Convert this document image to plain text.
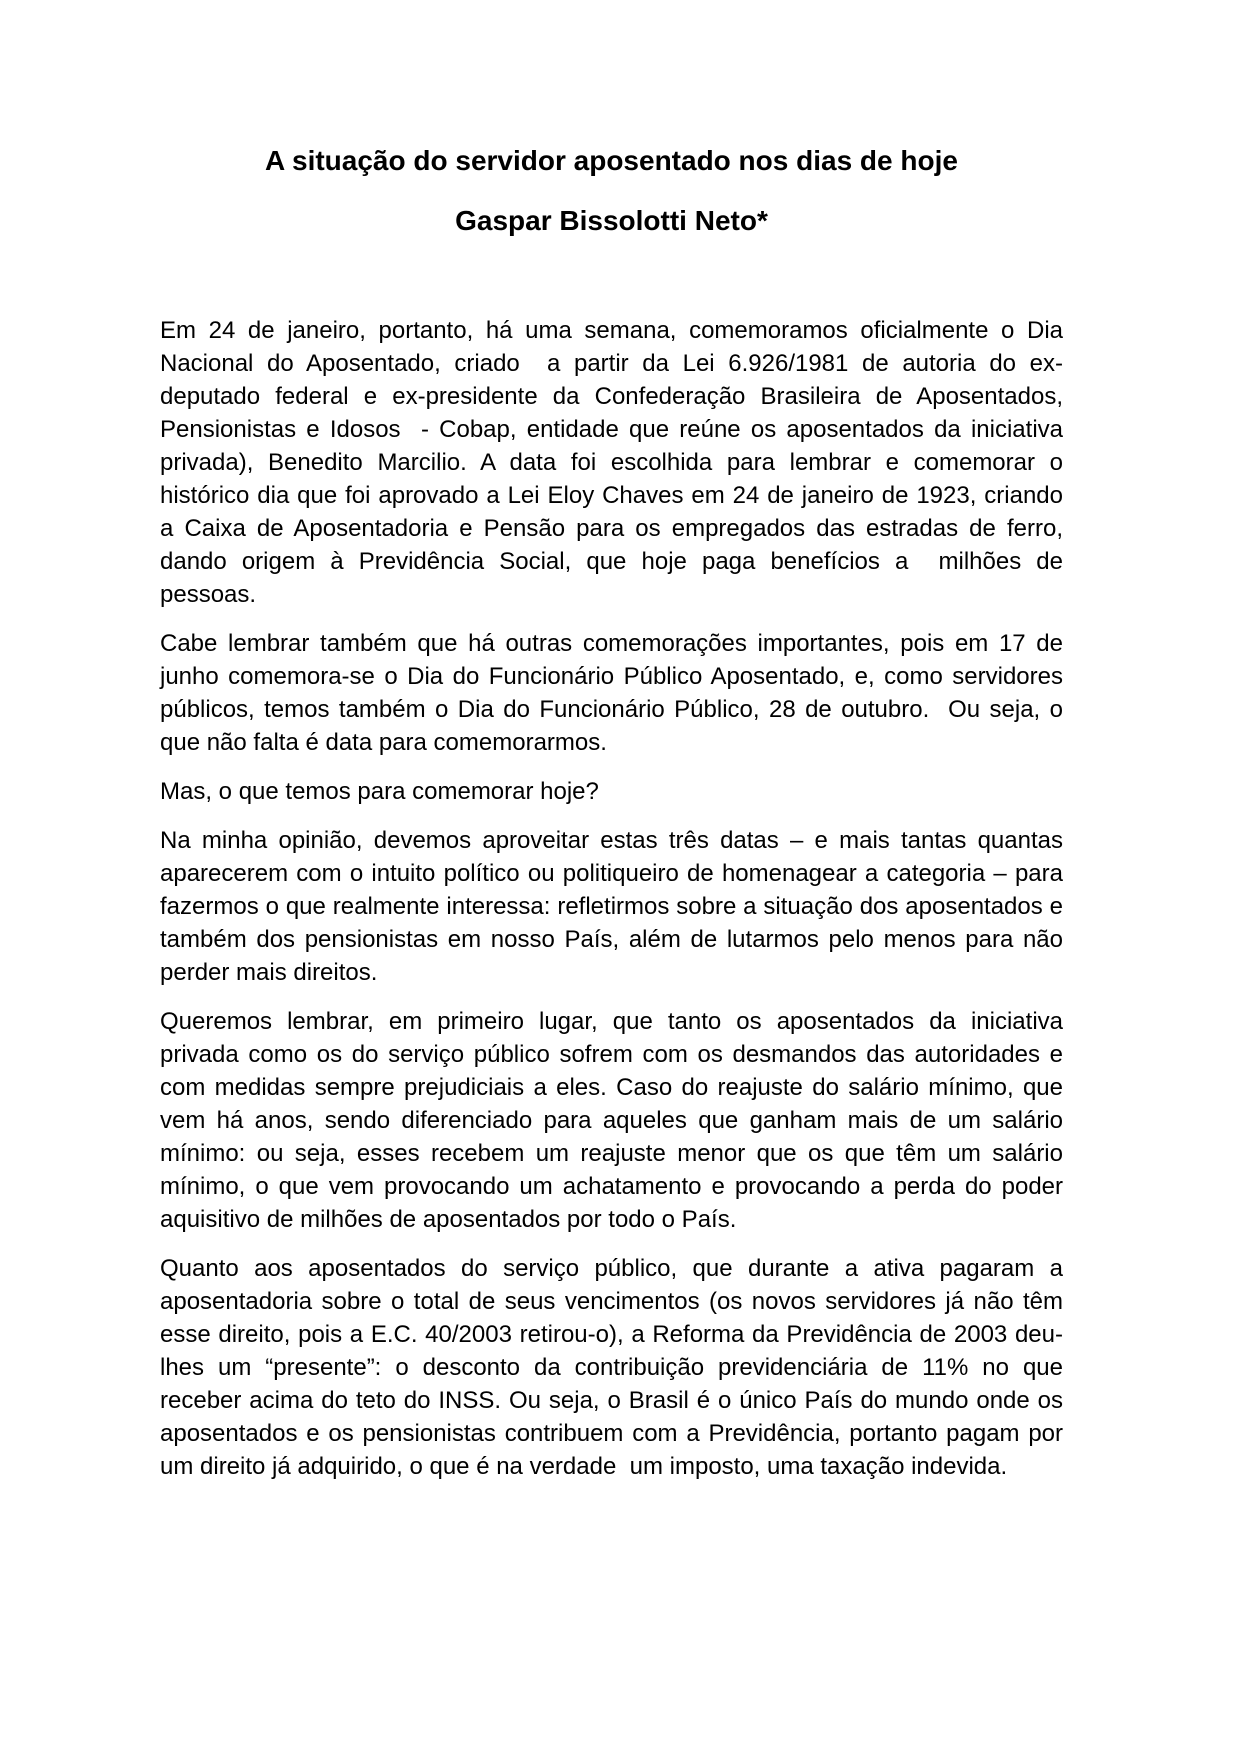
A situação do servidor aposentado nos dias de hoje
Gaspar Bissolotti Neto*

Em 24 de janeiro, portanto, há uma semana, comemoramos oficialmente o Dia Nacional do Aposentado, criado  a partir da Lei 6.926/1981 de autoria do ex-deputado federal e ex-presidente da Confederação Brasileira de Aposentados, Pensionistas e Idosos  - Cobap, entidade que reúne os aposentados da iniciativa privada), Benedito Marcilio. A data foi escolhida para lembrar e comemorar o histórico dia que foi aprovado a Lei Eloy Chaves em 24 de janeiro de 1923, criando a Caixa de Aposentadoria e Pensão para os empregados das estradas de ferro, dando origem à Previdência Social, que hoje paga benefícios a  milhões de pessoas.

Cabe lembrar também que há outras comemorações importantes, pois em 17 de junho comemora-se o Dia do Funcionário Público Aposentado, e, como servidores públicos, temos também o Dia do Funcionário Público, 28 de outubro.  Ou seja, o que não falta é data para comemorarmos.

Mas, o que temos para comemorar hoje?

Na minha opinião, devemos aproveitar estas três datas – e mais tantas quantas aparecerem com o intuito político ou politiqueiro de homenagear a categoria – para fazermos o que realmente interessa: refletirmos sobre a situação dos aposentados e também dos pensionistas em nosso País, além de lutarmos pelo menos para não perder mais direitos.

Queremos lembrar, em primeiro lugar, que tanto os aposentados da iniciativa privada como os do serviço público sofrem com os desmandos das autoridades e com medidas sempre prejudiciais a eles. Caso do reajuste do salário mínimo, que vem há anos, sendo diferenciado para aqueles que ganham mais de um salário mínimo: ou seja, esses recebem um reajuste menor que os que têm um salário mínimo, o que vem provocando um achatamento e provocando a perda do poder aquisitivo de milhões de aposentados por todo o País.

Quanto aos aposentados do serviço público, que durante a ativa pagaram a aposentadoria sobre o total de seus vencimentos (os novos servidores já não têm esse direito, pois a E.C. 40/2003 retirou-o), a Reforma da Previdência de 2003 deu-lhes um “presente”: o desconto da contribuição previdenciária de 11% no que receber acima do teto do INSS. Ou seja, o Brasil é o único País do mundo onde os aposentados e os pensionistas contribuem com a Previdência, portanto pagam por um direito já adquirido, o que é na verdade  um imposto, uma taxação indevida.
